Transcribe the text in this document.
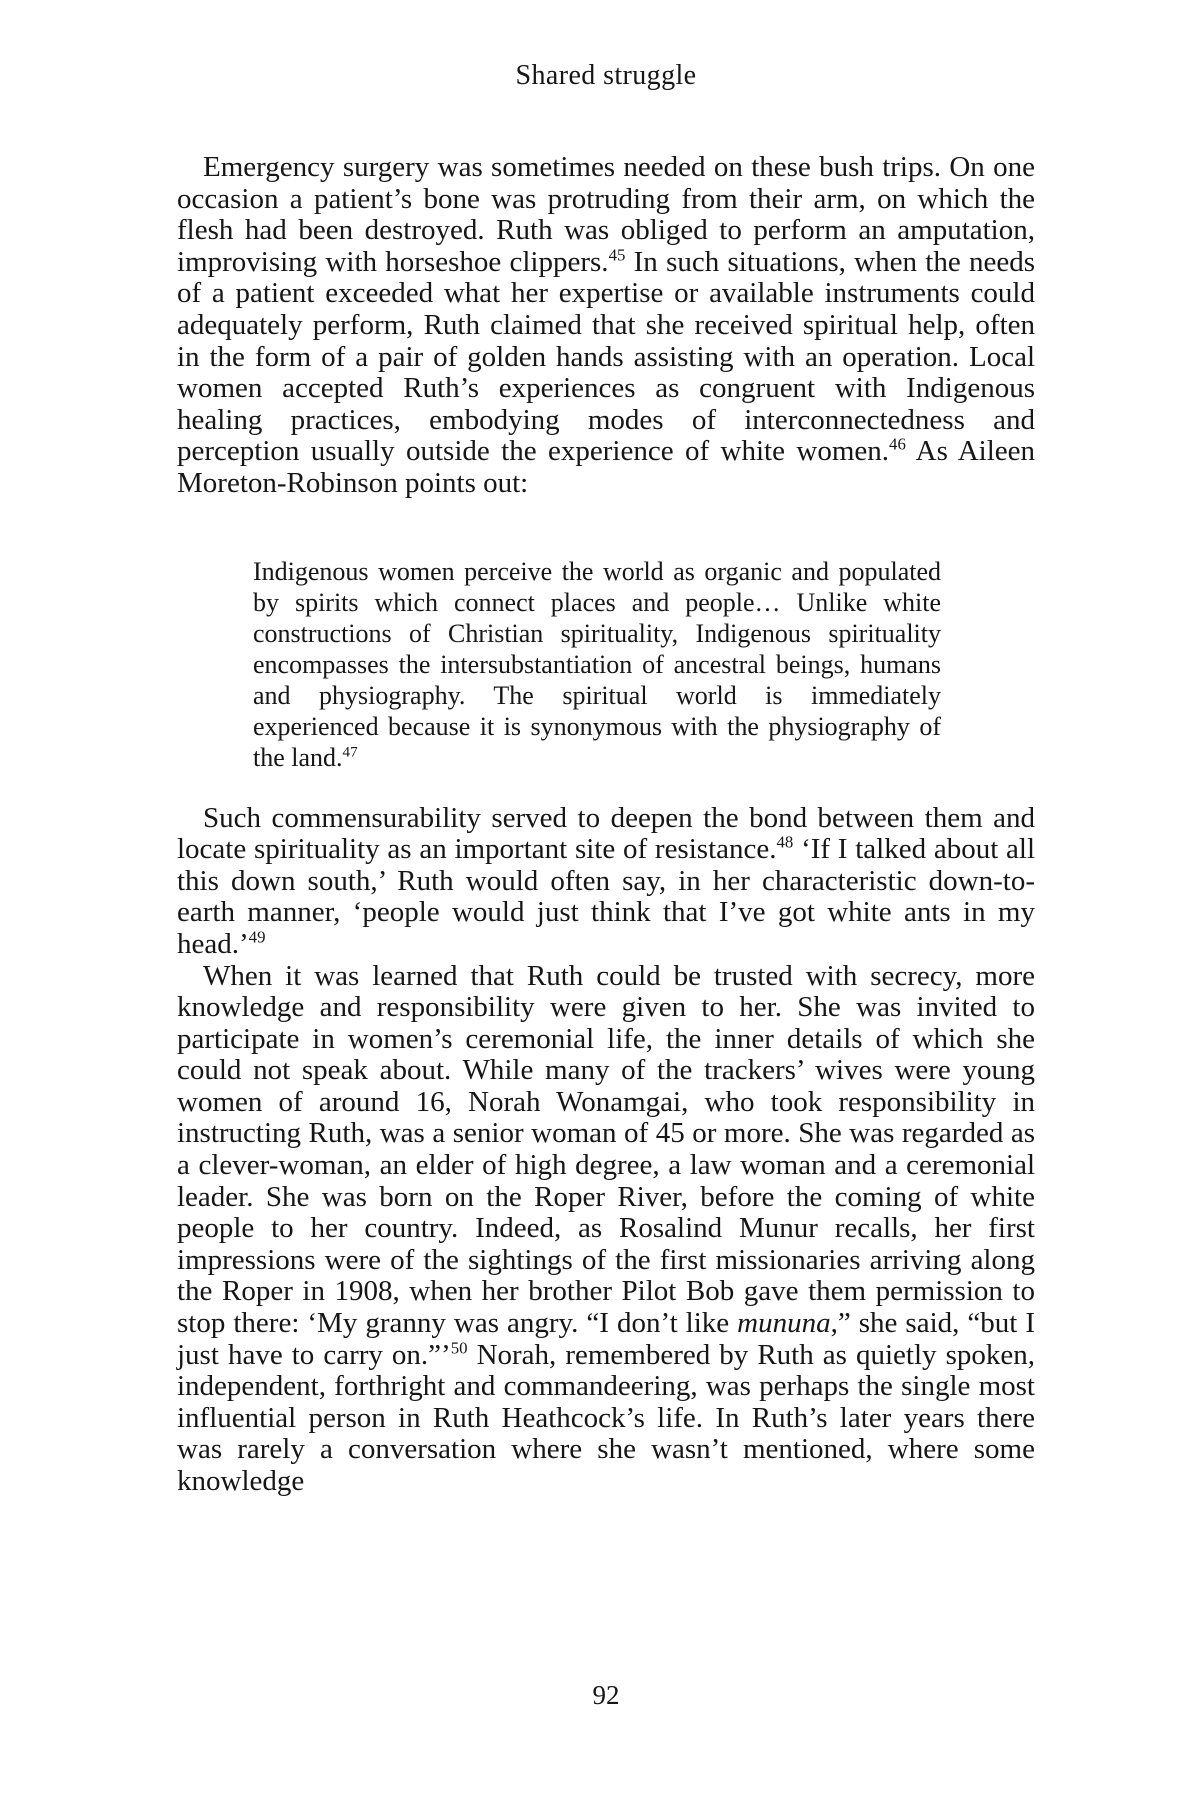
Shared struggle

Emergency surgery was sometimes needed on these bush trips. On one occasion a patient’s bone was protruding from their arm, on which the flesh had been destroyed. Ruth was obliged to perform an amputation, improvising with horseshoe clippers.$^{45}$ In such situations, when the needs of a patient exceeded what her expertise or available instruments could adequately perform, Ruth claimed that she received spiritual help, often in the form of a pair of golden hands assisting with an operation. Local women accepted Ruth’s experiences as congruent with Indigenous healing practices, embodying modes of interconnectedness and perception usually outside the experience of white women.$^{46}$ As Aileen Moreton-Robinson points out:

Indigenous women perceive the world as organic and populated by spirits which connect places and people… Unlike white constructions of Christian spirituality, Indigenous spirituality encompasses the intersubstantiation of ancestral beings, humans and physiography. The spiritual world is immediately experienced because it is synonymous with the physiography of the land.$^{47}$

Such commensurability served to deepen the bond between them and locate spirituality as an important site of resistance.$^{48}$ ‘If I talked about all this down south,’ Ruth would often say, in her characteristic down-to-earth manner, ‘people would just think that I’ve got white ants in my head.’$^{49}$

When it was learned that Ruth could be trusted with secrecy, more knowledge and responsibility were given to her. She was invited to participate in women’s ceremonial life, the inner details of which she could not speak about. While many of the trackers’ wives were young women of around 16, Norah Wonamgai, who took responsibility in instructing Ruth, was a senior woman of 45 or more. She was regarded as a clever-woman, an elder of high degree, a law woman and a ceremonial leader. She was born on the Roper River, before the coming of white people to her country. Indeed, as Rosalind Munur recalls, her first impressions were of the sightings of the first missionaries arriving along the Roper in 1908, when her brother Pilot Bob gave them permission to stop there: ‘My granny was angry. “I don’t like mununa,” she said, “but I just have to carry on.”’$^{50}$ Norah, remembered by Ruth as quietly spoken, independent, forthright and commandeering, was perhaps the single most influential person in Ruth Heathcock’s life. In Ruth’s later years there was rarely a conversation where she wasn’t mentioned, where some knowledge

92
